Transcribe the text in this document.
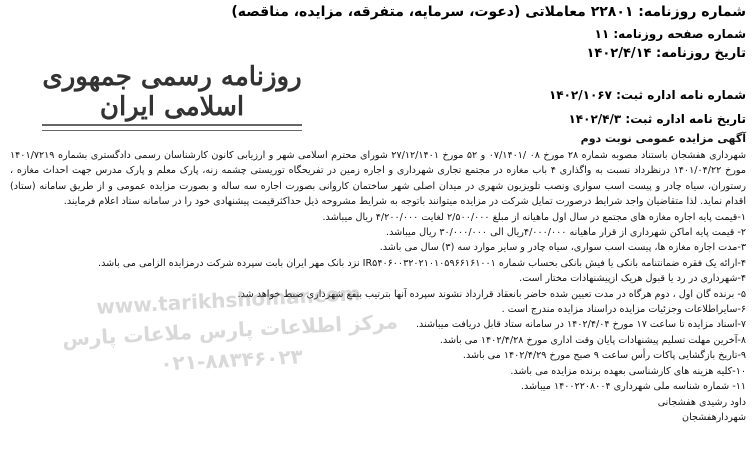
شماره روزنامه: ۲۲۸۰۱ معاملاتی (دعوت، سرمایه، متفرقه، مزایده، مناقصه)
شماره صفحه روزنامه: ۱۱
تاریخ روزنامه: ۱۴۰۲/۴/۱۴
شماره نامه اداره ثبت: ۱۴۰۲/۱۰۶۷
تاریخ نامه اداره ثبت: ۱۴۰۲/۴/۳
روزنامه رسمی جمهوری اسلامی ایران
آگهی مزایده عمومی نوبت دوم

شهرداری هفشجان باستناد مصوبه شماره ۲۸ مورخ ۰۸ /۰۷/۱۴۰۱ و ۵۲ مورخ ۲۷/۱۲/۱۴۰۱ شورای محترم اسلامی شهر و ارزیابی کانون کارشناسان رسمی دادگستری بشماره ۱۴۰۱/۷۲۱۹ مورخ ۱۴۰۱/۰۴/۲۲ درنظرداد نسبت به واگذاری ۴ باب مغازه در مجتمع تجاری شهرداری و اجاره زمین در تفریحگاه توریستی چشمه زنه، پارک معلم و پارک مدرس جهت احداث مغازه ، رستوران، سیاه چادر و پیست اسب سواری ونصب تلویزیون شهری در میدان اصلی شهر ساختمان کاروانی بصورت اجاره سه ساله و بصورت مزایده عمومی و از طریق سامانه (ستاد) اقدام نماید. لذا متقاضیان واجد شرایط درصورت تمایل شرکت در مزایده میتوانند باتوجه به شرایط مشروحه ذیل حداکثرقیمت پیشنهادی خود را در سامانه ستاد اعلام فرمایند.

۱-قیمت پایه اجاره مغازه های مجتمع در سال اول ماهیانه از مبلغ ۲/۵۰۰/۰۰۰ لغایت ۴/۲۰۰/۰۰۰ ریال میباشد.
۲- قیمت پایه اماکن شهرداری از قرار ماهیانه ۴/۰۰۰/۰۰۰ریال الی ۳۰/۰۰۰/۰۰۰ ریال میباشد.
۳-مدت اجاره مغازه ها، پیست اسب سواری، سیاه چادر و سایر موارد سه (۳) سال می باشد.
۴-ارائه یک فقره ضمانتنامه بانکی یا فیش بانکی بحساب شماره IR۵۴۰۶۰۰۳۲۰۲۱۰۱۰۵۹۶۶۱۶۱۰۰۱ نزد بانک مهر ایران بابت سپرده شرکت درمزایده الزامی می باشد.
۴-شهرداری در رد یا قبول هریک ازپیشنهادات مختار است.
۵- برنده گان اول ، دوم هرگاه در مدت تعیین شده حاضر بانعقاد قرارداد نشوند سپرده آنها بترتیب بنفع شهرداری ضبط خواهد شد.
۶-سایراطلاعات وجزئیات مزایده دراسناد مزایده مندرج است .
۷-اسناد مزایده تا ساعت ۱۷ مورخ ۱۴۰۲/۴/۰۴ در سامانه ستاد قابل دریافت میباشند.
۸-آخرین مهلت تسلیم پیشنهادات پایان وقت اداری مورخ ۱۴۰۲/۴/۲۸ می باشد.
۹-تاریخ بازگشایی پاکات رأس ساعت ۹ صبح مورخ ۱۴۰۲/۴/۲۹ می باشد.
۱۰-کلیه هزینه های کارشناسی بعهده برنده مزایده می باشد.
۱۱- شماره شناسه ملی شهرداری ۱۴۰۰۲۲۰۸۰۰۴ میباشد.
داود رشیدی هفشجانی
شهردارهفشجان
www.tarikhshomar.com
مرکز اطلاعات پارس ملاعات پارس
۰۲۱-۸۸۳۴۶۰۲۳
